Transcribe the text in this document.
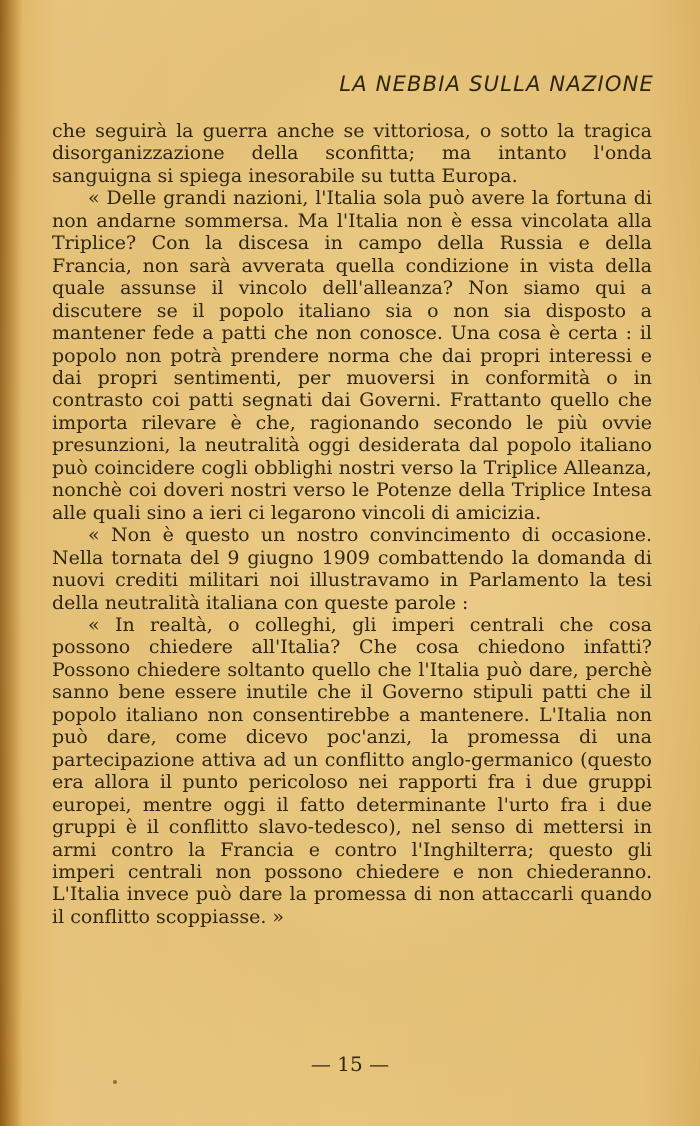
LA NEBBIA SULLA NAZIONE

che seguirà la guerra anche se vittoriosa, o sotto la tragica disorganizzazione della sconfitta; ma intanto l'onda sanguigna si spiega inesorabile su tutta Europa.

« Delle grandi nazioni, l'Italia sola può avere la fortuna di non andarne sommersa. Ma l'Italia non è essa vincolata alla Triplice? Con la discesa in campo della Russia e della Francia, non sarà avverata quella condizione in vista della quale assunse il vincolo dell'alleanza? Non siamo qui a discutere se il popolo italiano sia o non sia disposto a mantener fede a patti che non conosce. Una cosa è certa : il popolo non potrà prendere norma che dai propri interessi e dai propri sentimenti, per muoversi in conformità o in contrasto coi patti segnati dai Governi. Frattanto quello che importa rilevare è che, ragionando secondo le più ovvie presunzioni, la neutralità oggi desiderata dal popolo italiano può coincidere cogli obblighi nostri verso la Triplice Alleanza, nonchè coi doveri nostri verso le Potenze della Triplice Intesa alle quali sino a ieri ci legarono vincoli di amicizia.

« Non è questo un nostro convincimento di occasione. Nella tornata del 9 giugno 1909 combattendo la domanda di nuovi crediti militari noi illustravamo in Parlamento la tesi della neutralità italiana con queste parole :

« In realtà, o colleghi, gli imperi centrali che cosa possono chiedere all'Italia? Che cosa chiedono infatti? Possono chiedere soltanto quello che l'Italia può dare, perchè sanno bene essere inutile che il Governo stipuli patti che il popolo italiano non consentirebbe a mantenere. L'Italia non può dare, come dicevo poc'anzi, la promessa di una partecipazione attiva ad un conflitto anglo-germanico (questo era allora il punto pericoloso nei rapporti fra i due gruppi europei, mentre oggi il fatto determinante l'urto fra i due gruppi è il conflitto slavo-tedesco), nel senso di mettersi in armi contro la Francia e contro l'Inghilterra; questo gli imperi centrali non possono chiedere e non chiederanno. L'Italia invece può dare la promessa di non attaccarli quando il conflitto scoppiasse. »

— 15 —
